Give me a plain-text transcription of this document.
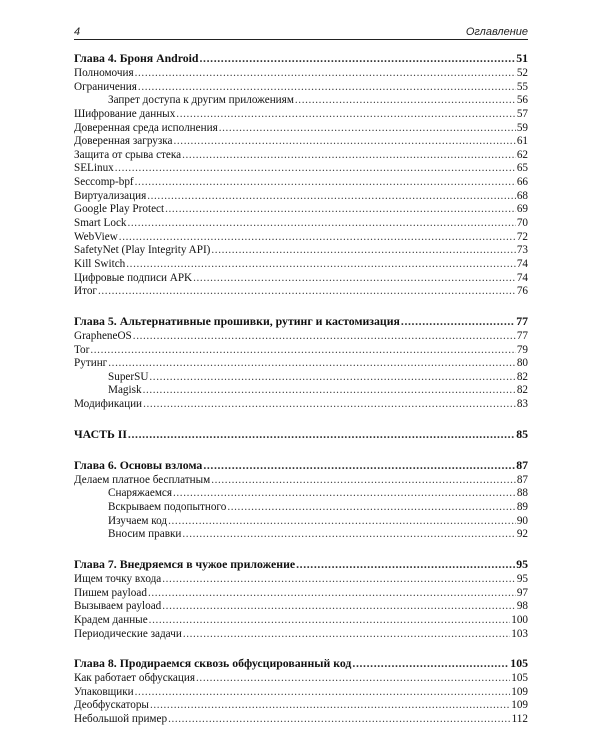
4	Оглавление
Глава 4. Броня Android .....	51
Полномочия .....	52
Ограничения .....	55
Запрет доступа к другим приложениям .....	56
Шифрование данных .....	57
Доверенная среда исполнения .....	59
Доверенная загрузка .....	61
Защита от срыва стека .....	62
SELinux .....	65
Seccomp-bpf .....	66
Виртуализация .....	68
Google Play Protect .....	69
Smart Lock .....	70
WebView .....	72
SafetyNet (Play Integrity API) .....	73
Kill Switch .....	74
Цифровые подписи APK .....	74
Итог .....	76
Глава 5. Альтернативные прошивки, рутинг и кастомизация .....	77
GrapheneOS .....	77
Tor .....	79
Рутинг .....	80
SuperSU .....	82
Magisk .....	82
Модификации .....	83
ЧАСТЬ II .....	85
Глава 6. Основы взлома .....	87
Делаем платное бесплатным .....	87
Снаряжаемся .....	88
Вскрываем подопытного .....	89
Изучаем код .....	90
Вносим правки .....	92
Глава 7. Внедряемся в чужое приложение .....	95
Ищем точку входа .....	95
Пишем payload .....	97
Вызываем payload .....	98
Крадем данные .....	100
Периодические задачи .....	103
Глава 8. Продираемся сквозь обфусцированный код .....	105
Как работает обфускация .....	105
Упаковщики .....	109
Деобфускаторы .....	109
Небольшой пример .....	112
